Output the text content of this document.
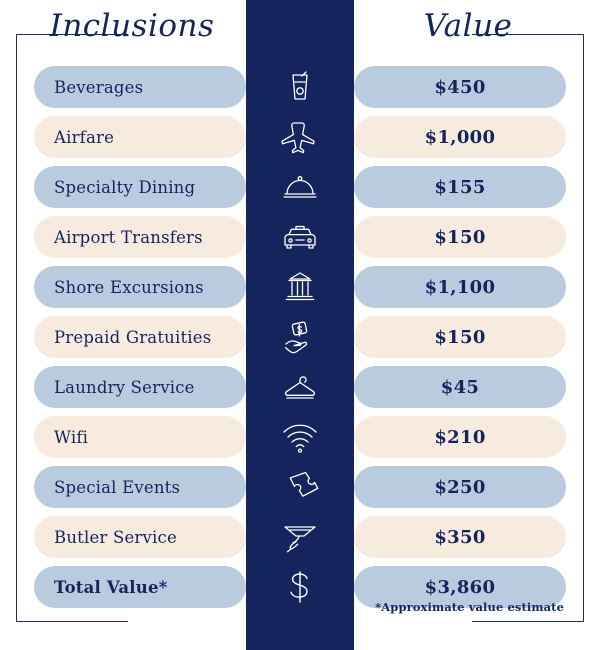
Inclusions	Value
Beverages	$450
Airfare	$1,000
Specialty Dining	$155
Airport Transfers	$150
Shore Excursions	$1,100
Prepaid Gratuities	$150
Laundry Service	$45
Wifi	$210
Special Events	$250
Butler Service	$350
Total Value*	$3,860
*Approximate value estimate
